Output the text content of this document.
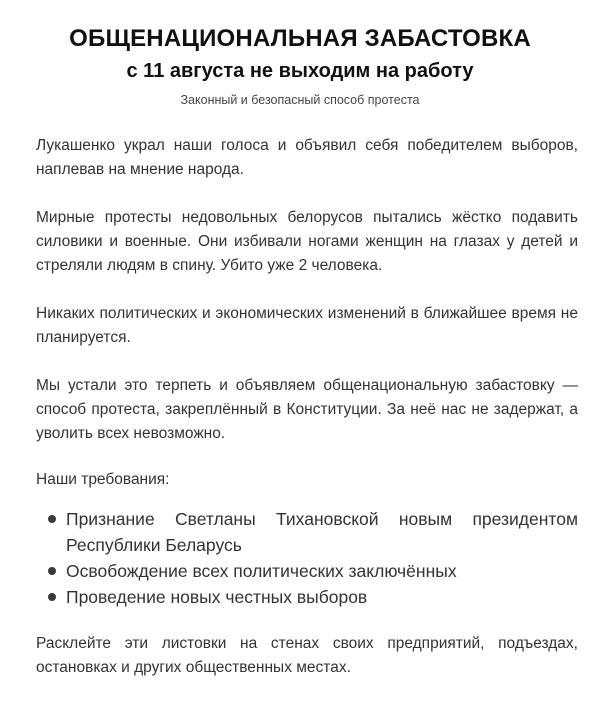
ОБЩЕНАЦИОНАЛЬНАЯ ЗАБАСТОВКА
с 11 августа не выходим на работу
Законный и безопасный способ протеста

Лукашенко украл наши голоса и объявил себя победителем выборов, наплевав на мнение народа.

Мирные протесты недовольных белорусов пытались жёстко подавить силовики и военные. Они избивали ногами женщин на глазах у детей и стреляли людям в спину. Убито уже 2 человека.

Никаких политических и экономических изменений в ближайшее время не планируется.

Мы устали это терпеть и объявляем общенациональную забастовку — способ протеста, закреплённый в Конституции. За неё нас не задержат, а уволить всех невозможно.

Наши требования:
Признание Светланы Тихановской новым президентом Республики Беларусь
Освобождение всех политических заключённых
Проведение новых честных выборов

Расклейте эти листовки на стенах своих предприятий, подъездах, остановках и других общественных местах.
